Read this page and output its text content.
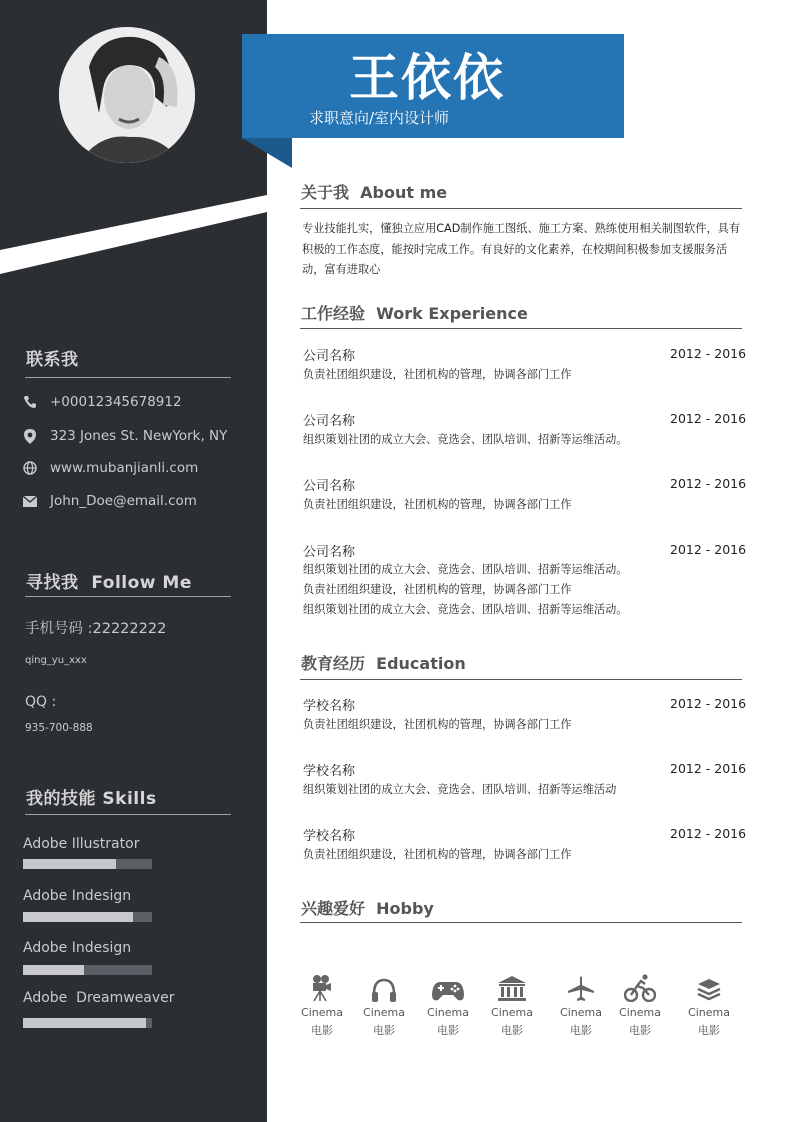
联系我
+00012345678912
323 Jones St. NewYork, NY
www.mubanjianli.com
John_Doe@email.com
寻找我  Follow Me
手机号码 :22222222
qing_yu_xxx
QQ :
935-700-888
我的技能 Skills
Adobe Illustrator
Adobe Indesign
Adobe Indesign
Adobe  Dreamweaver
王依依
求职意向/室内设计师
关于我  About me
专业技能扎实，懂独立应用CAD制作施工图纸、施工方案、熟练使用相关制图软件，具有积极的工作态度，能按时完成工作。有良好的文化素养，在校期间积极参加支援服务活动，富有进取心
工作经验  Work Experience
公司名称	2012 - 2016
负责社团组织建设，社团机构的管理，协调各部门工作
公司名称	2012 - 2016
组织策划社团的成立大会、竞选会、团队培训、招新等运维活动。
公司名称	2012 - 2016
负责社团组织建设，社团机构的管理，协调各部门工作
公司名称	2012 - 2016
组织策划社团的成立大会、竞选会、团队培训、招新等运维活动。
负责社团组织建设，社团机构的管理，协调各部门工作
组织策划社团的成立大会、竞选会、团队培训、招新等运维活动。
教育经历  Education
学校名称	2012 - 2016
负责社团组织建设，社团机构的管理，协调各部门工作
学校名称	2012 - 2016
组织策划社团的成立大会、竞选会、团队培训、招新等运维活动
学校名称	2012 - 2016
负责社团组织建设，社团机构的管理，协调各部门工作
兴趣爱好  Hobby
Cinema
电影
Cinema
电影
Cinema
电影
Cinema
电影
Cinema
电影
Cinema
电影
Cinema
电影
